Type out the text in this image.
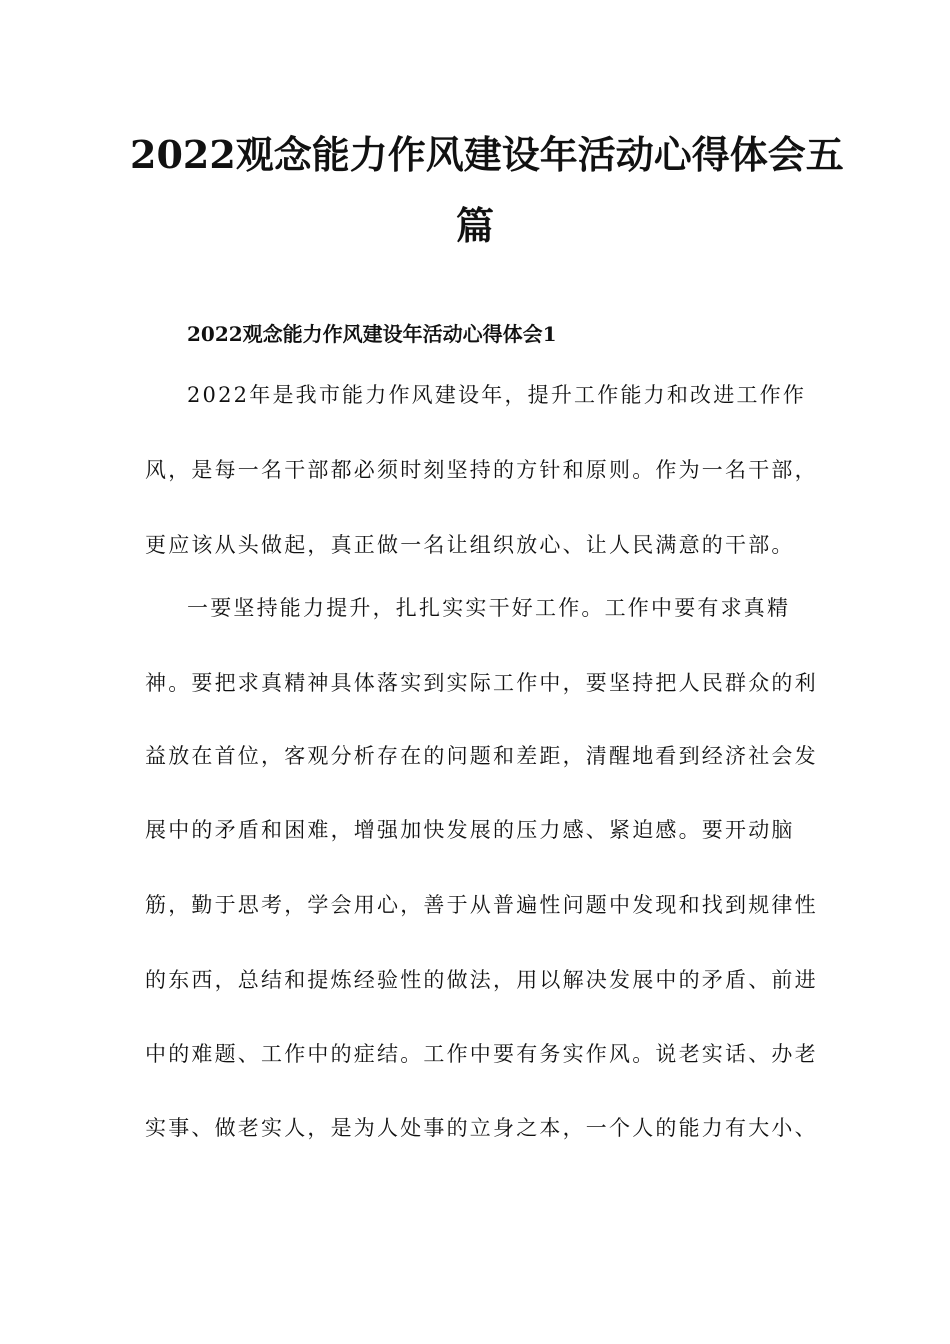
2022观念能力作风建设年活动心得体会五
篇
2022观念能力作风建设年活动心得体会1

2022年是我市能力作风建设年，提升工作能力和改进工作作

风，是每一名干部都必须时刻坚持的方针和原则。作为一名干部，

更应该从头做起，真正做一名让组织放心、让人民满意的干部。

一要坚持能力提升，扎扎实实干好工作。工作中要有求真精

神。要把求真精神具体落实到实际工作中，要坚持把人民群众的利

益放在首位，客观分析存在的问题和差距，清醒地看到经济社会发

展中的矛盾和困难，增强加快发展的压力感、紧迫感。要开动脑

筋，勤于思考，学会用心，善于从普遍性问题中发现和找到规律性

的东西，总结和提炼经验性的做法，用以解决发展中的矛盾、前进

中的难题、工作中的症结。工作中要有务实作风。说老实话、办老

实事、做老实人，是为人处事的立身之本，一个人的能力有大小、
